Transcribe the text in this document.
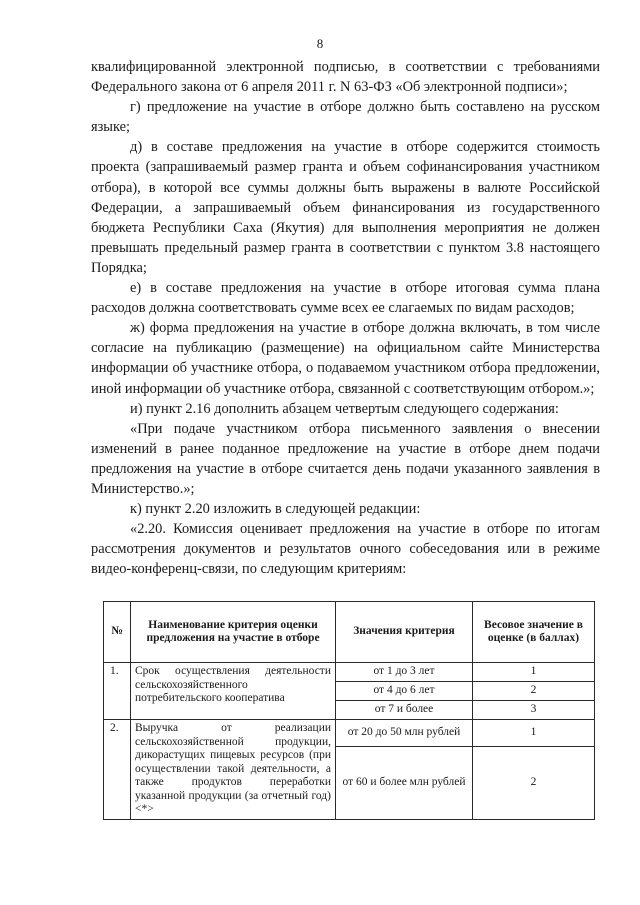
8

квалифицированной электронной подписью, в соответствии с требованиями Федерального закона от 6 апреля 2011 г. N 63-ФЗ «Об электронной подписи»;

г) предложение на участие в отборе должно быть составлено на русском языке;

д) в составе предложения на участие в отборе содержится стоимость проекта (запрашиваемый размер гранта и объем софинансирования участником отбора), в которой все суммы должны быть выражены в валюте Российской Федерации, а запрашиваемый объем финансирования из государственного бюджета Республики Саха (Якутия) для выполнения мероприятия не должен превышать предельный размер гранта в соответствии с пунктом 3.8 настоящего Порядка;

е) в составе предложения на участие в отборе итоговая сумма плана расходов должна соответствовать сумме всех ее слагаемых по видам расходов;

ж) форма предложения на участие в отборе должна включать, в том числе согласие на публикацию (размещение) на официальном сайте Министерства информации об участнике отбора, о подаваемом участником отбора предложении, иной информации об участнике отбора, связанной с соответствующим отбором.»;

и) пункт 2.16 дополнить абзацем четвертым следующего содержания:

«При подаче участником отбора письменного заявления о внесении изменений в ранее поданное предложение на участие в отборе днем подачи предложения на участие в отборе считается день подачи указанного заявления в Министерство.»;

к) пункт 2.20 изложить в следующей редакции:

«2.20. Комиссия оценивает предложения на участие в отборе по итогам рассмотрения документов и результатов очного собеседования или в режиме видео-конференц-связи, по следующим критериям:

№	Наименование критерия оценки предложения на участие в отборе	Значения критерия	Весовое значение в оценке (в баллах)
1.	Срок осуществления деятельности сельскохозяйственного потребительского кооператива	от 1 до 3 лет	1
		от 4 до 6 лет	2
		от 7 и более	3
2.	Выручка от реализации сельскохозяйственной продукции, дикорастущих пищевых ресурсов (при осуществлении такой деятельности, а также продуктов переработки указанной продукции (за отчетный год) <*>	от 20 до 50 млн рублей	1
		от 60 и более млн рублей	2
